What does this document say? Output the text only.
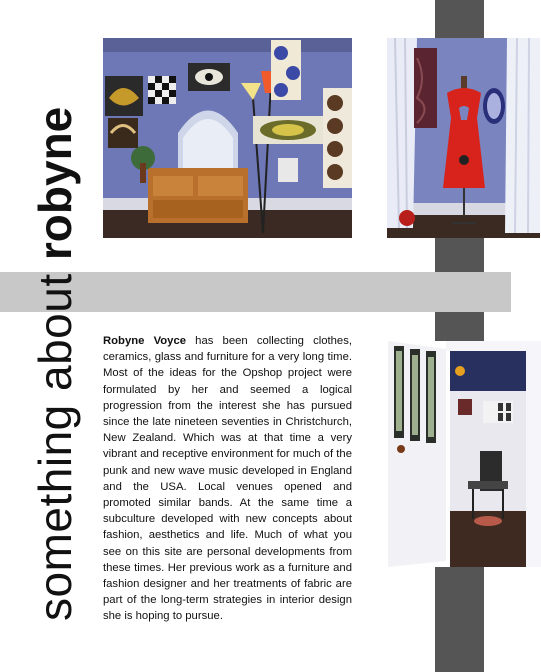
something about robyne
Robyne Voyce has been collecting clothes, ceramics, glass and furniture for a very long time. Most of the ideas for the Opshop project were formulated by her and seemed a logical progression from the interest she has pursued since the late nineteen seventies in Christchurch, New Zealand. Which was at that time a very vibrant and receptive environment for much of the punk and new wave music developed in England and the USA. Local venues opened and promoted similar bands. At the same time a subculture developed with new concepts about fashion, aesthetics and life. Much of what you see on this site are personal developments from these times. Her previous work as a furniture and fashion designer and her treatments of fabric are part of the long-term strategies in interior design she is hoping to pursue.
